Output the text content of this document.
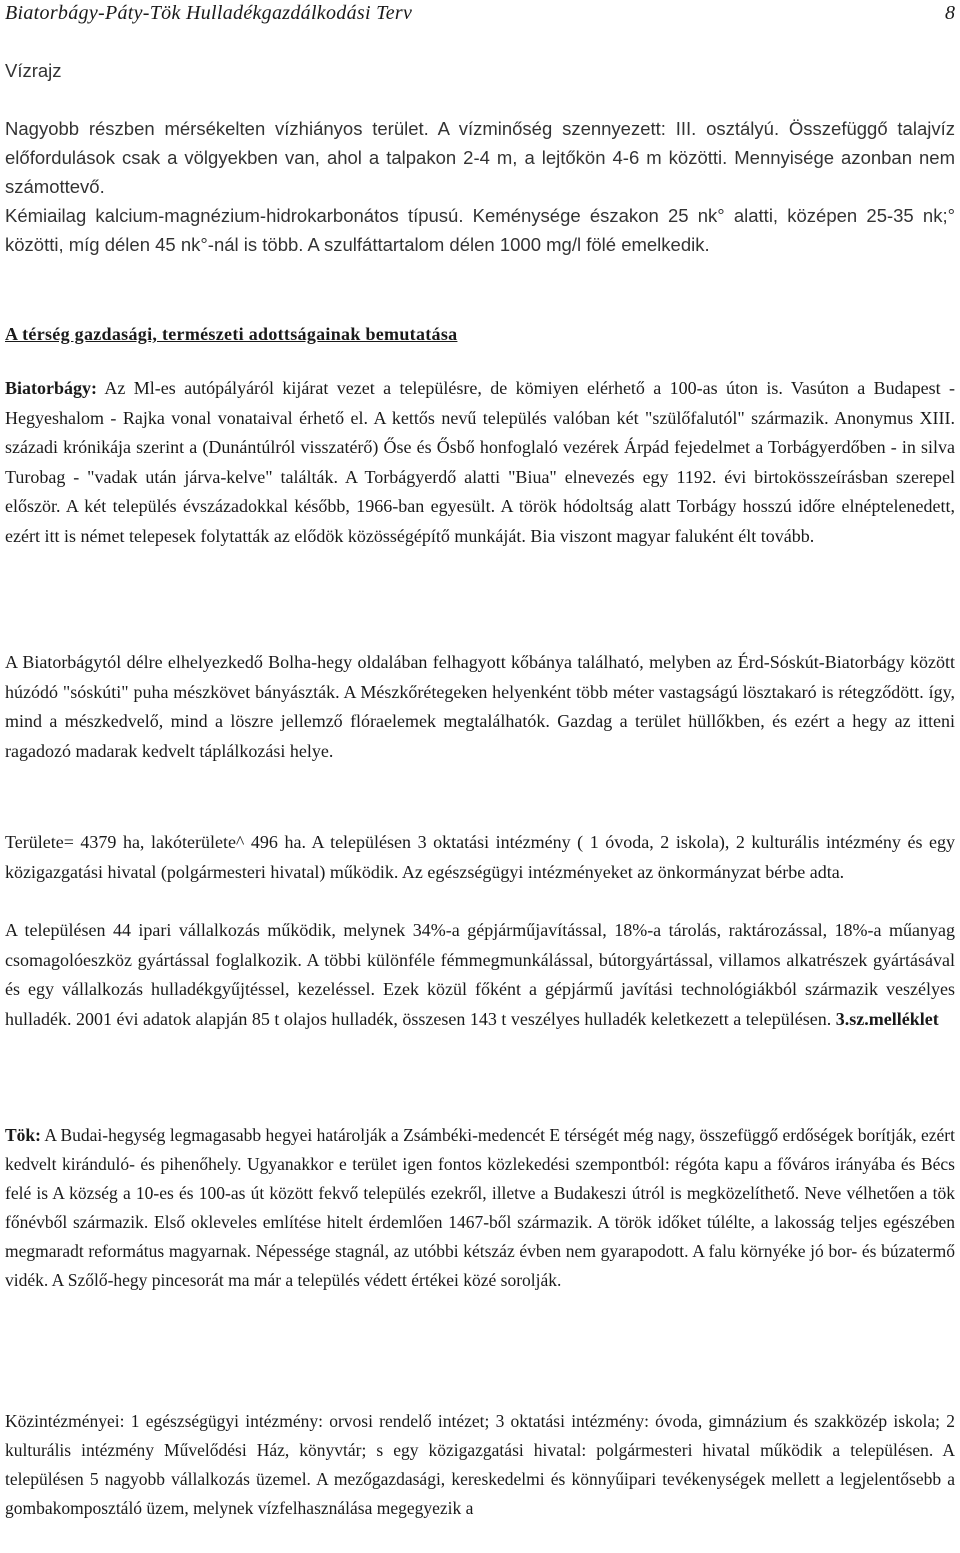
Biatorbágy-Páty-Tök Hulladékgazdálkodási Terv	8
Vízrajz

Nagyobb részben mérsékelten vízhiányos terület. A vízminőség szennyezett: III. osztályú. Összefüggő talajvíz előfordulások csak a völgyekben van, ahol a talpakon 2-4 m, a lejtőkön 4-6 m közötti. Mennyisége azonban nem számottevő.

Kémiailag kalcium-magnézium-hidrokarbonátos típusú. Keménysége északon 25 nk° alatti, középen 25-35 nk;° közötti, míg délen 45 nk°-nál is több. A szulfáttartalom délen 1000 mg/l fölé emelkedik.

A térség gazdasági, természeti adottságainak bemutatása

Biatorbágy: Az Ml-es autópályáról kijárat vezet a településre, de kömiyen elérhető a 100-as úton is. Vasúton a Budapest - Hegyeshalom - Rajka vonal vonataival érhető el. A kettős nevű település valóban két "szülőfalutól" származik. Anonymus XIII. századi krónikája szerint a (Dunántúlról visszatérő) Őse és Ősbő honfoglaló vezérek Árpád fejedelmet a Torbágyerdőben - in silva Turobag - "vadak után járva-kelve" találták. A Torbágyerdő alatti "Biua" elnevezés egy 1192. évi birtokösszeírásban szerepel először. A két település évszázadokkal később, 1966-ban egyesült. A török hódoltság alatt Torbágy hosszú időre elnéptelenedett, ezért itt is német telepesek folytatták az elődök közösségépítő munkáját. Bia viszont magyar faluként élt tovább.

A Biatorbágytól délre elhelyezkedő Bolha-hegy oldalában felhagyott kőbánya található, melyben az Érd-Sóskút-Biatorbágy között húzódó "sóskúti" puha mészkövet bányászták. A Mészkőrétegeken helyenként több méter vastagságú lösztakaró is rétegződött. így, mind a mészkedvelő, mind a löszre jellemző flóraelemek megtalálhatók. Gazdag a terület hüllőkben, és ezért a hegy az itteni ragadozó madarak kedvelt táplálkozási helye.

Területe= 4379 ha, lakóterülete^ 496 ha. A településen 3 oktatási intézmény ( 1 óvoda, 2 iskola), 2 kulturális intézmény és egy közigazgatási hivatal (polgármesteri hivatal) működik. Az egészségügyi intézményeket az önkormányzat bérbe adta.

A településen 44 ipari vállalkozás működik, melynek 34%-a gépjárműjavítással, 18%-a tárolás, raktározással, 18%-a műanyag csomagolóeszköz gyártással foglalkozik. A többi különféle fémmegmunkálással, bútorgyártással, villamos alkatrészek gyártásával és egy vállalkozás hulladékgyűjtéssel, kezeléssel. Ezek közül főként a gépjármű javítási technológiákból származik veszélyes hulladék. 2001 évi adatok alapján 85 t olajos hulladék, összesen 143 t veszélyes hulladék keletkezett a településen. 3.sz.melléklet

Tök: A Budai-hegység legmagasabb hegyei határolják a Zsámbéki-medencét E térségét még nagy, összefüggő erdőségek borítják, ezért kedvelt kiránduló- és pihenőhely. Ugyanakkor e terület igen fontos közlekedési szempontból: régóta kapu a főváros irányába és Bécs felé is A község a 10-es és 100-as út között fekvő település ezekről, illetve a Budakeszi útról is megközelíthető. Neve vélhetően a tök főnévből származik. Első okleveles említése hitelt érdemlően 1467-ből származik. A török időket túlélte, a lakosság teljes egészében megmaradt református magyarnak. Népessége stagnál, az utóbbi kétszáz évben nem gyarapodott. A falu környéke jó bor- és búzatermő vidék. A Szőlő-hegy pincesorát ma már a település védett értékei közé sorolják.

Közintézményei: 1 egészségügyi intézmény: orvosi rendelő intézet; 3 oktatási intézmény: óvoda, gimnázium és szakközép iskola; 2 kulturális intézmény Művelődési Ház, könyvtár; s egy közigazgatási hivatal: polgármesteri hivatal működik a településen. A településen 5 nagyobb vállalkozás üzemel. A mezőgazdasági, kereskedelmi és könnyűipari tevékenységek mellett a legjelentősebb a gombakomposztáló üzem, melynek vízfelhasználása megegyezik a
